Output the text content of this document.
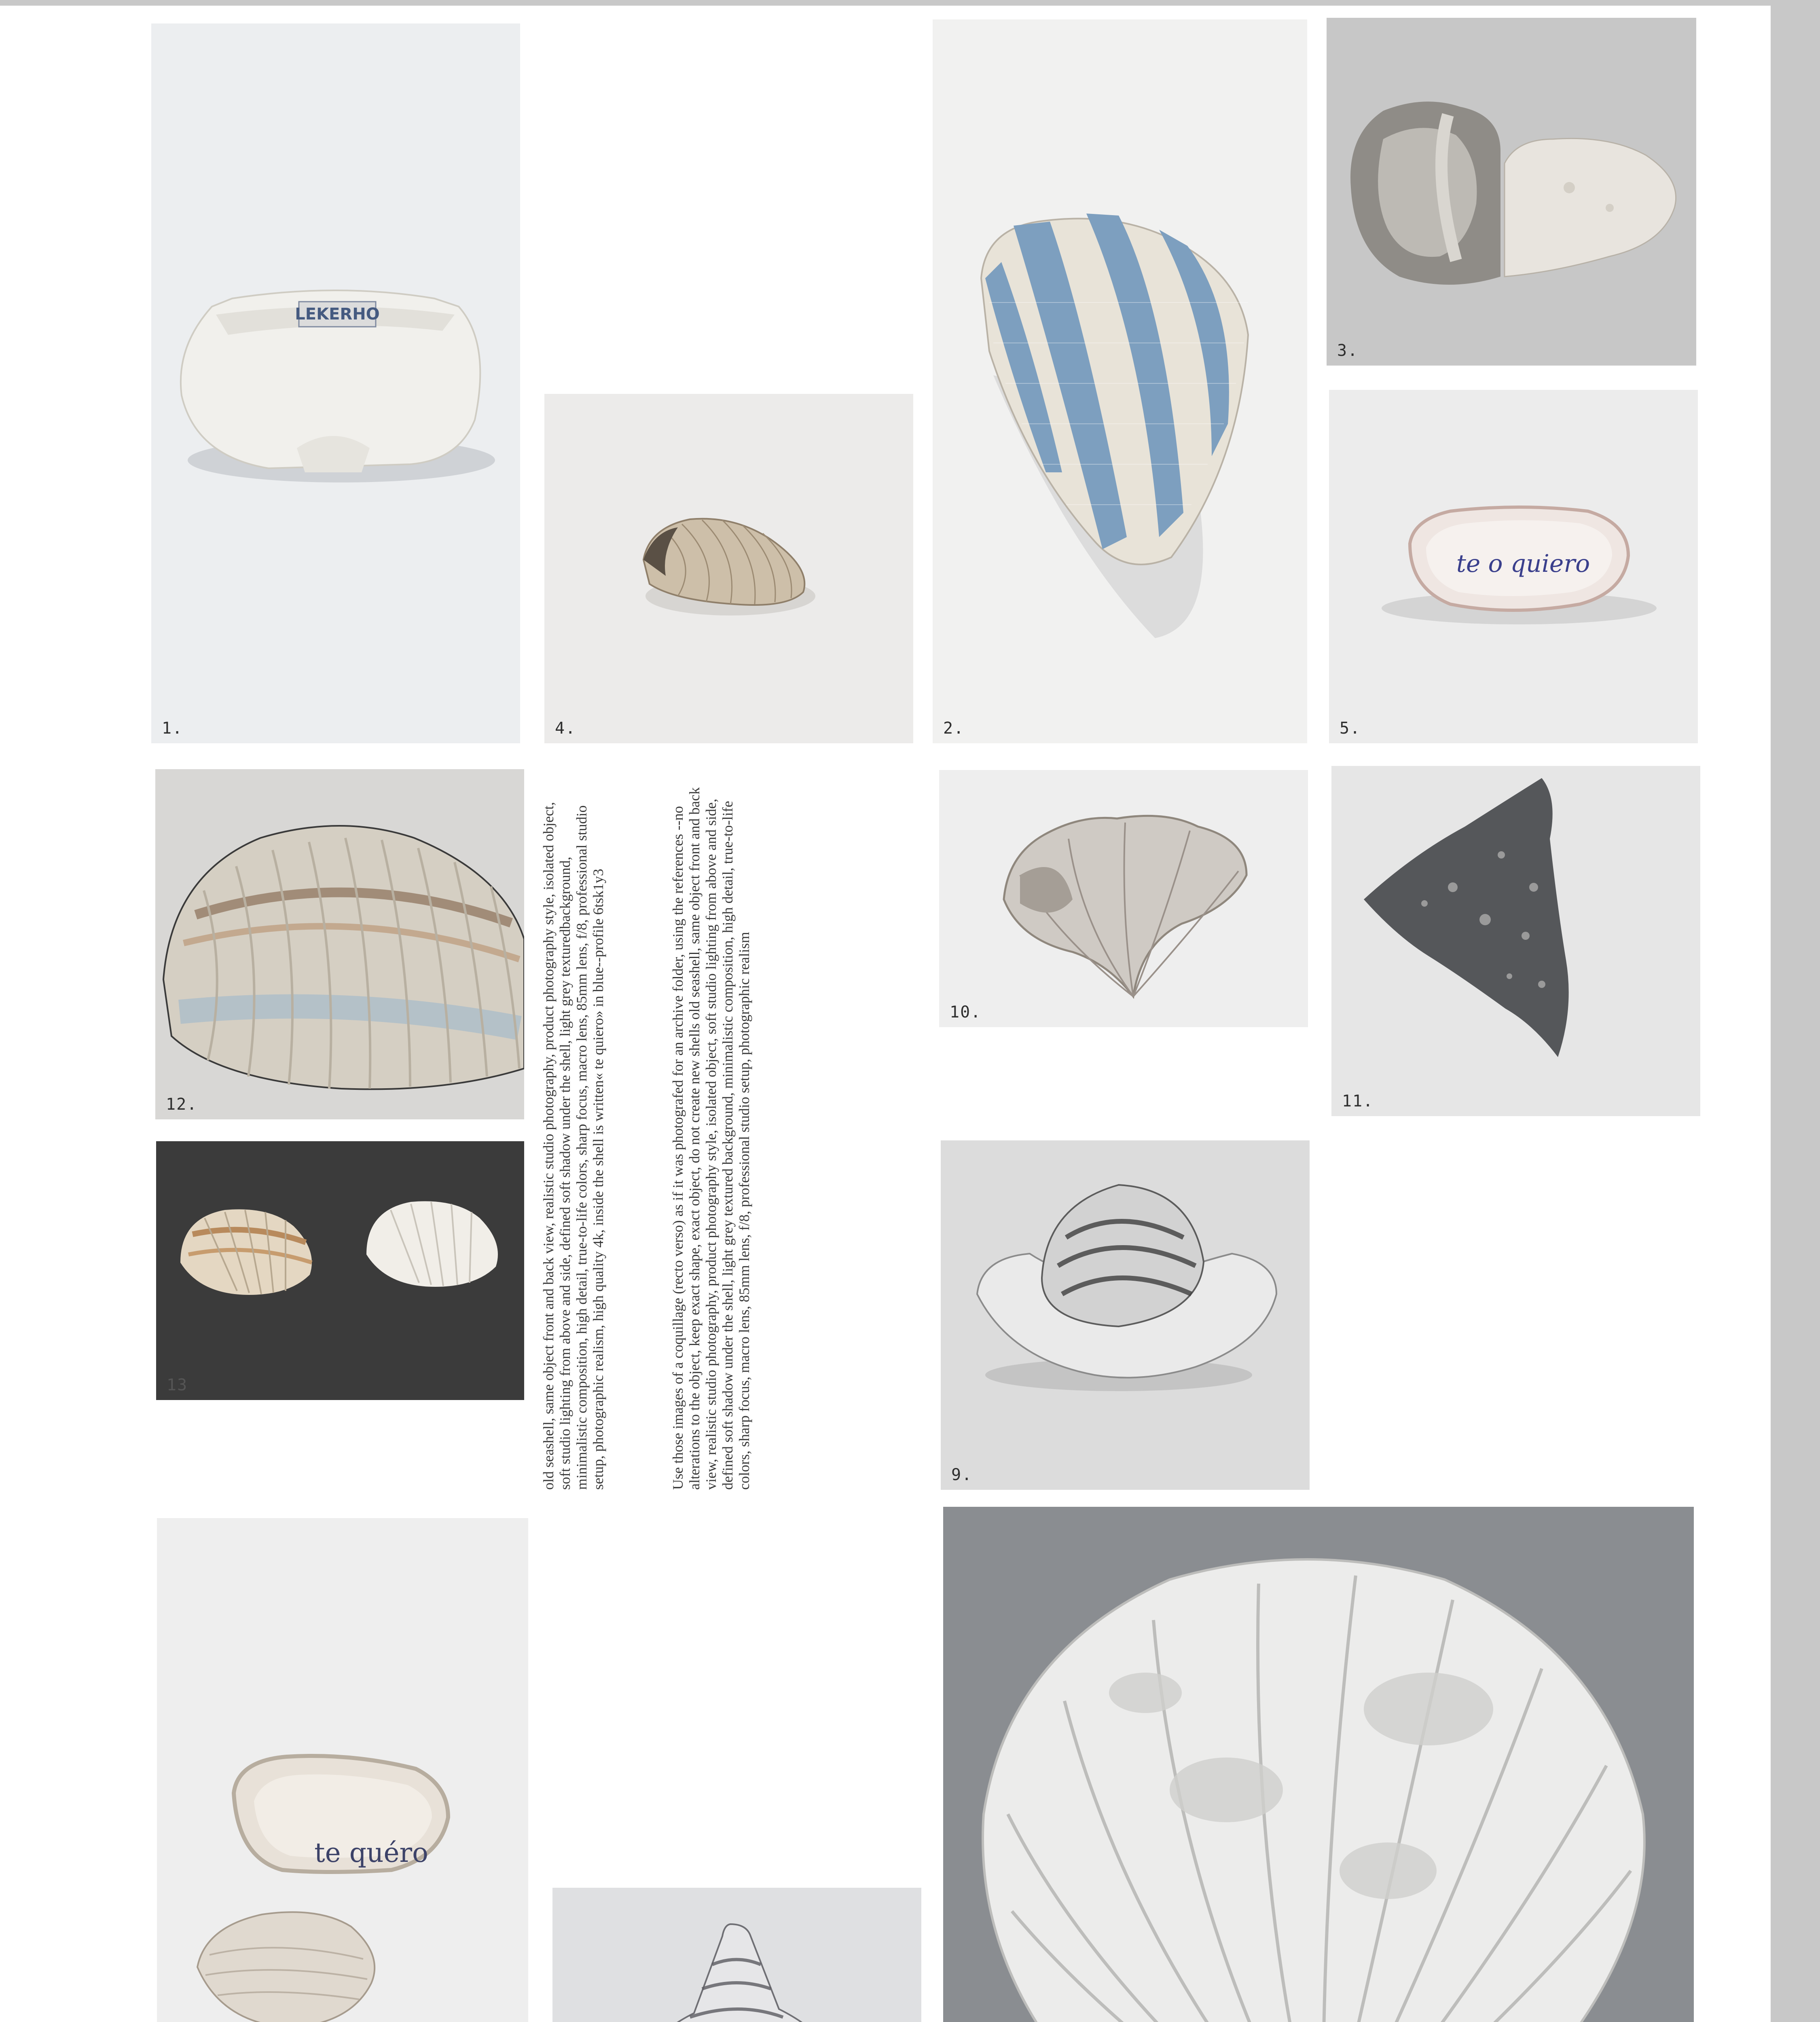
LEKERHO
1.	4.	2.
3.
te o quiero
5.
12.
13
10.
11.
9.
te quéro
old seashell, same object front and back view, realistic studio photography, product photography style, isolated object, soft studio lighting from above and side, defined soft shadow under the shell, light grey texturedbackground, minimalistic composition, high detail, true-to-life colors, sharp focus, macro lens, 85mm lens, f/8, professional studio setup, photographic realism, high quality 4k, inside the shell is written« te quiero» in blue--profile 6tsk1y3	Use those images of a coquillage (recto verso) as if it was photografed for an archive folder, using the references --no alterations to the object, keep exact shape, exact object, do not create new shells old seashell, same object front and back view, realistic studio photography, product photography style, isolated object, soft studio lighting from above and side, defined soft shadow under the shell, light grey textured background, minimalistic composition, high detail, true-to-life colors, sharp focus, macro lens, 85mm lens, f/8, professional studio setup, photographic realism
